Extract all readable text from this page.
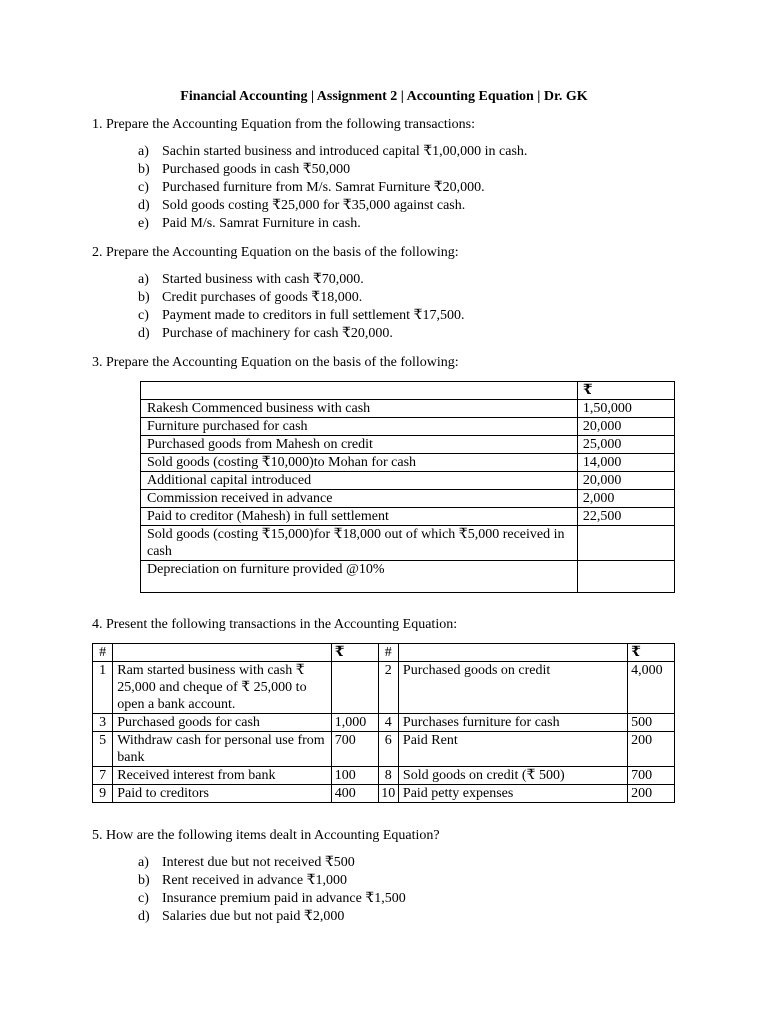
Financial Accounting | Assignment 2 | Accounting Equation | Dr. GK
1. Prepare the Accounting Equation from the following transactions:
a) Sachin started business and introduced capital ₹1,00,000 in cash.
b) Purchased goods in cash ₹50,000
c) Purchased furniture from M/s. Samrat Furniture ₹20,000.
d) Sold goods costing ₹25,000 for ₹35,000 against cash.
e) Paid M/s. Samrat Furniture in cash.
2. Prepare the Accounting Equation on the basis of the following:
a) Started business with cash ₹70,000.
b) Credit purchases of goods ₹18,000.
c) Payment made to creditors in full settlement ₹17,500.
d) Purchase of machinery for cash ₹20,000.
3. Prepare the Accounting Equation on the basis of the following:
	₹
Rakesh Commenced business with cash	1,50,000
Furniture purchased for cash	20,000
Purchased goods from Mahesh on credit	25,000
Sold goods (costing ₹10,000)to Mohan for cash	14,000
Additional capital introduced	20,000
Commission received in advance	2,000
Paid to creditor (Mahesh) in full settlement	22,500
Sold goods (costing ₹15,000)for ₹18,000 out of which ₹5,000 received in cash	
Depreciation on furniture provided @10%	
4. Present the following transactions in the Accounting Equation:
#		₹	#		₹
1	Ram started business with cash ₹ 25,000 and cheque of ₹ 25,000 to open a bank account.		2	Purchased goods on credit	4,000
3	Purchased goods for cash	1,000	4	Purchases furniture for cash	500
5	Withdraw cash for personal use from bank	700	6	Paid Rent	200
7	Received interest from bank	100	8	Sold goods on credit (₹ 500)	700
9	Paid to creditors	400	10	Paid petty expenses	200
5. How are the following items dealt in Accounting Equation?
a) Interest due but not received ₹500
b) Rent received in advance ₹1,000
c) Insurance premium paid in advance ₹1,500
d) Salaries due but not paid ₹2,000
